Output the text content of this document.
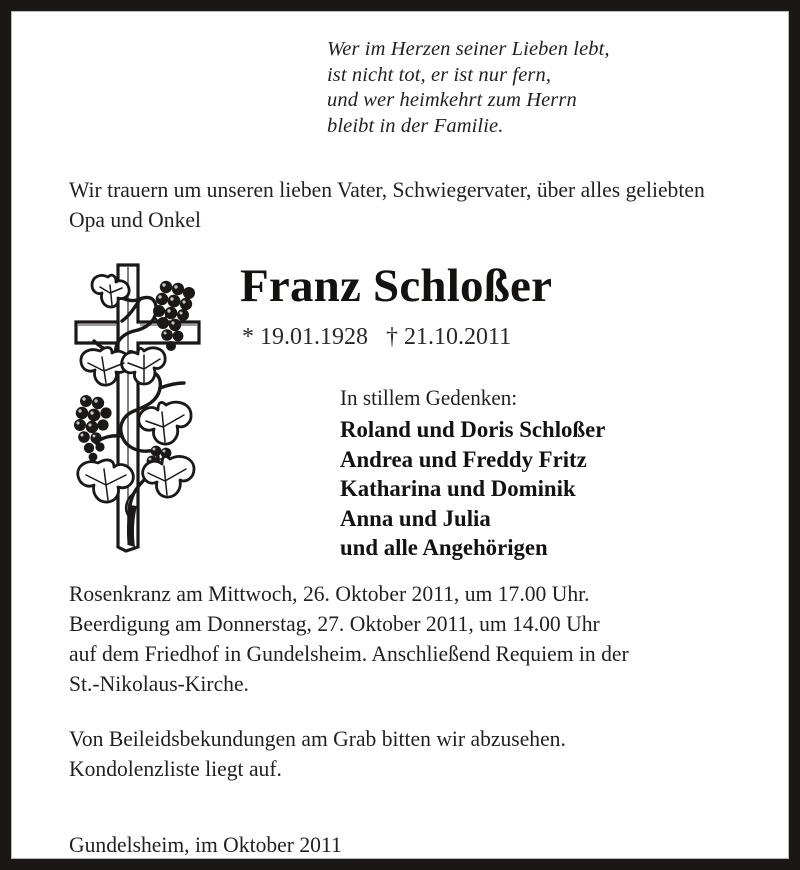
Wer im Herzen seiner Lieben lebt,
ist nicht tot, er ist nur fern,
und wer heimkehrt zum Herrn
bleibt in der Familie.
Wir trauern um unseren lieben Vater, Schwiegervater, über alles geliebten Opa und Onkel
Franz Schloßer
* 19.01.1928   † 21.10.2011
In stillem Gedenken:
Roland und Doris Schloßer
Andrea und Freddy Fritz
Katharina und Dominik
Anna und Julia
und alle Angehörigen
Rosenkranz am Mittwoch, 26. Oktober 2011, um 17.00 Uhr.
Beerdigung am Donnerstag, 27. Oktober 2011, um 14.00 Uhr
auf dem Friedhof in Gundelsheim. Anschließend Requiem in der
St.-Nikolaus-Kirche.
Von Beileidsbekundungen am Grab bitten wir abzusehen.
Kondolenzliste liegt auf.
Gundelsheim, im Oktober 2011
